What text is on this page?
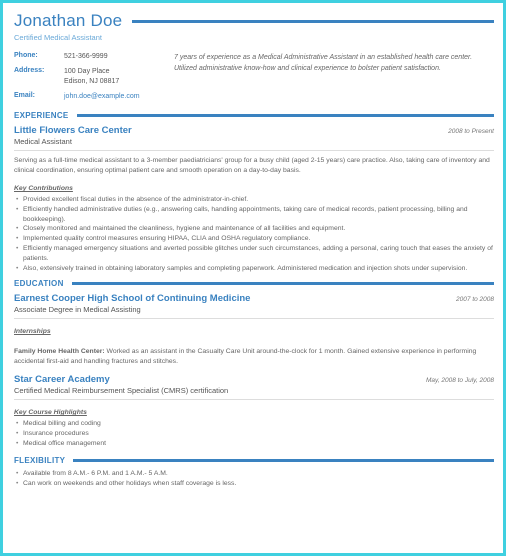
Jonathan Doe
Certified Medical Assistant
Phone:	521-366-9999
Address:	100 Day Place
Edison, NJ 08817
Email:	john.doe@example.com
7 years of experience as a Medical Administrative Assistant in an established health care center. Utilized administrative know-how and clinical experience to bolster patient satisfaction.
EXPERIENCE
Little Flowers Care Center	2008 to Present
Medical Assistant
Serving as a full-time medical assistant to a 3-member paediatricians' group for a busy child (aged 2-15 years) care practice. Also, taking care of inventory and clinical coordination, ensuring optimal patient care and smooth operation on a day-to-day basis.
Key Contributions
• Provided excellent fiscal duties in the absence of the administrator-in-chief.
• Efficiently handled administrative duties (e.g., answering calls, handling appointments, taking care of medical records, patient processing, billing and bookkeeping).
• Closely monitored and maintained the cleanliness, hygiene and maintenance of all facilities and equipment.
• Implemented quality control measures ensuring HIPAA, CLIA and OSHA regulatory compliance.
• Efficiently managed emergency situations and averted possible glitches under such circumstances, adding a personal, caring touch that eases the anxiety of patients.
• Also, extensively trained in obtaining laboratory samples and completing paperwork. Administered medication and injection shots under supervision.
EDUCATION
Earnest Cooper High School of Continuing Medicine	2007 to 2008
Associate Degree in Medical Assisting
Internships
Family Home Health Center: Worked as an assistant in the Casualty Care Unit around-the-clock for 1 month. Gained extensive experience in performing accidental first-aid and handling fractures and stitches.
Star Career Academy	May, 2008 to July, 2008
Certified Medical Reimbursement Specialist (CMRS) certification
Key Course Highlights
• Medical billing and coding
• Insurance procedures
• Medical office management
FLEXIBILITY
• Available from 8 A.M.- 6 P.M. and 1 A.M.- 5 A.M.
• Can work on weekends and other holidays when staff coverage is less.
